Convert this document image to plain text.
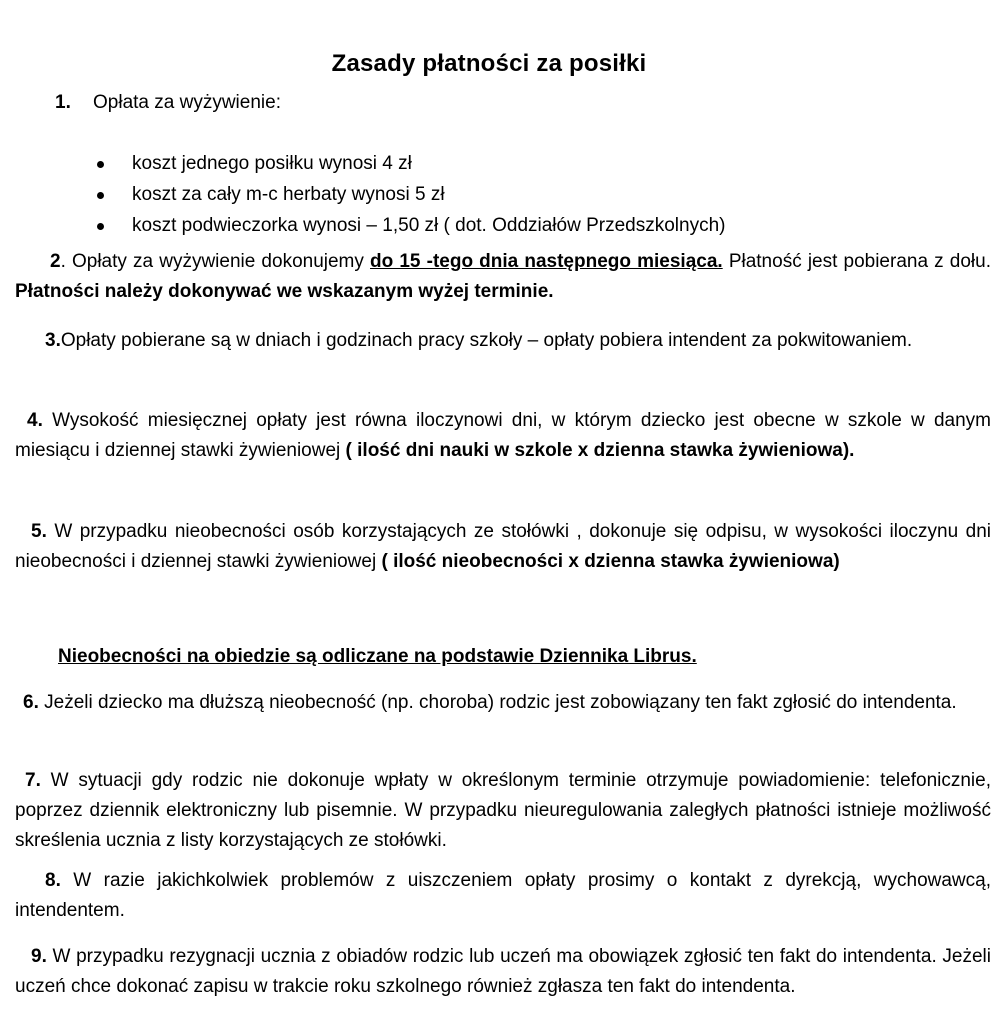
Zasady płatności za posiłki
1. Opłata za wyżywienie:
koszt jednego posiłku wynosi 4 zł
koszt za cały m-c herbaty wynosi 5 zł
koszt podwieczorka wynosi – 1,50 zł ( dot. Oddziałów Przedszkolnych)

2. Opłaty za wyżywienie dokonujemy do 15 -tego dnia następnego miesiąca. Płatność jest pobierana z dołu. Płatności należy dokonywać we wskazanym wyżej terminie.

3.Opłaty pobierane są w dniach i godzinach pracy szkoły – opłaty pobiera intendent za pokwitowaniem.

4. Wysokość miesięcznej opłaty jest równa iloczynowi dni, w którym dziecko jest obecne w szkole w danym miesiącu i dziennej stawki żywieniowej ( ilość dni nauki w szkole x dzienna stawka żywieniowa).

5. W przypadku nieobecności osób korzystających ze stołówki , dokonuje się odpisu, w wysokości iloczynu dni nieobecności i dziennej stawki żywieniowej ( ilość nieobecności x dzienna stawka żywieniowa)

Nieobecności na obiedzie są odliczane na podstawie Dziennika Librus.

6. Jeżeli dziecko ma dłuższą nieobecność (np. choroba) rodzic jest zobowiązany ten fakt zgłosić do intendenta.

7. W sytuacji gdy rodzic nie dokonuje wpłaty w określonym terminie otrzymuje powiadomienie: telefonicznie, poprzez dziennik elektroniczny lub pisemnie. W przypadku nieuregulowania zaległych płatności istnieje możliwość skreślenia ucznia z listy korzystających ze stołówki.

8. W razie jakichkolwiek problemów z uiszczeniem opłaty prosimy o kontakt z dyrekcją, wychowawcą, intendentem.

9. W przypadku rezygnacji ucznia z obiadów rodzic lub uczeń ma obowiązek zgłosić ten fakt do intendenta. Jeżeli uczeń chce dokonać zapisu w trakcie roku szkolnego również zgłasza ten fakt do intendenta.
